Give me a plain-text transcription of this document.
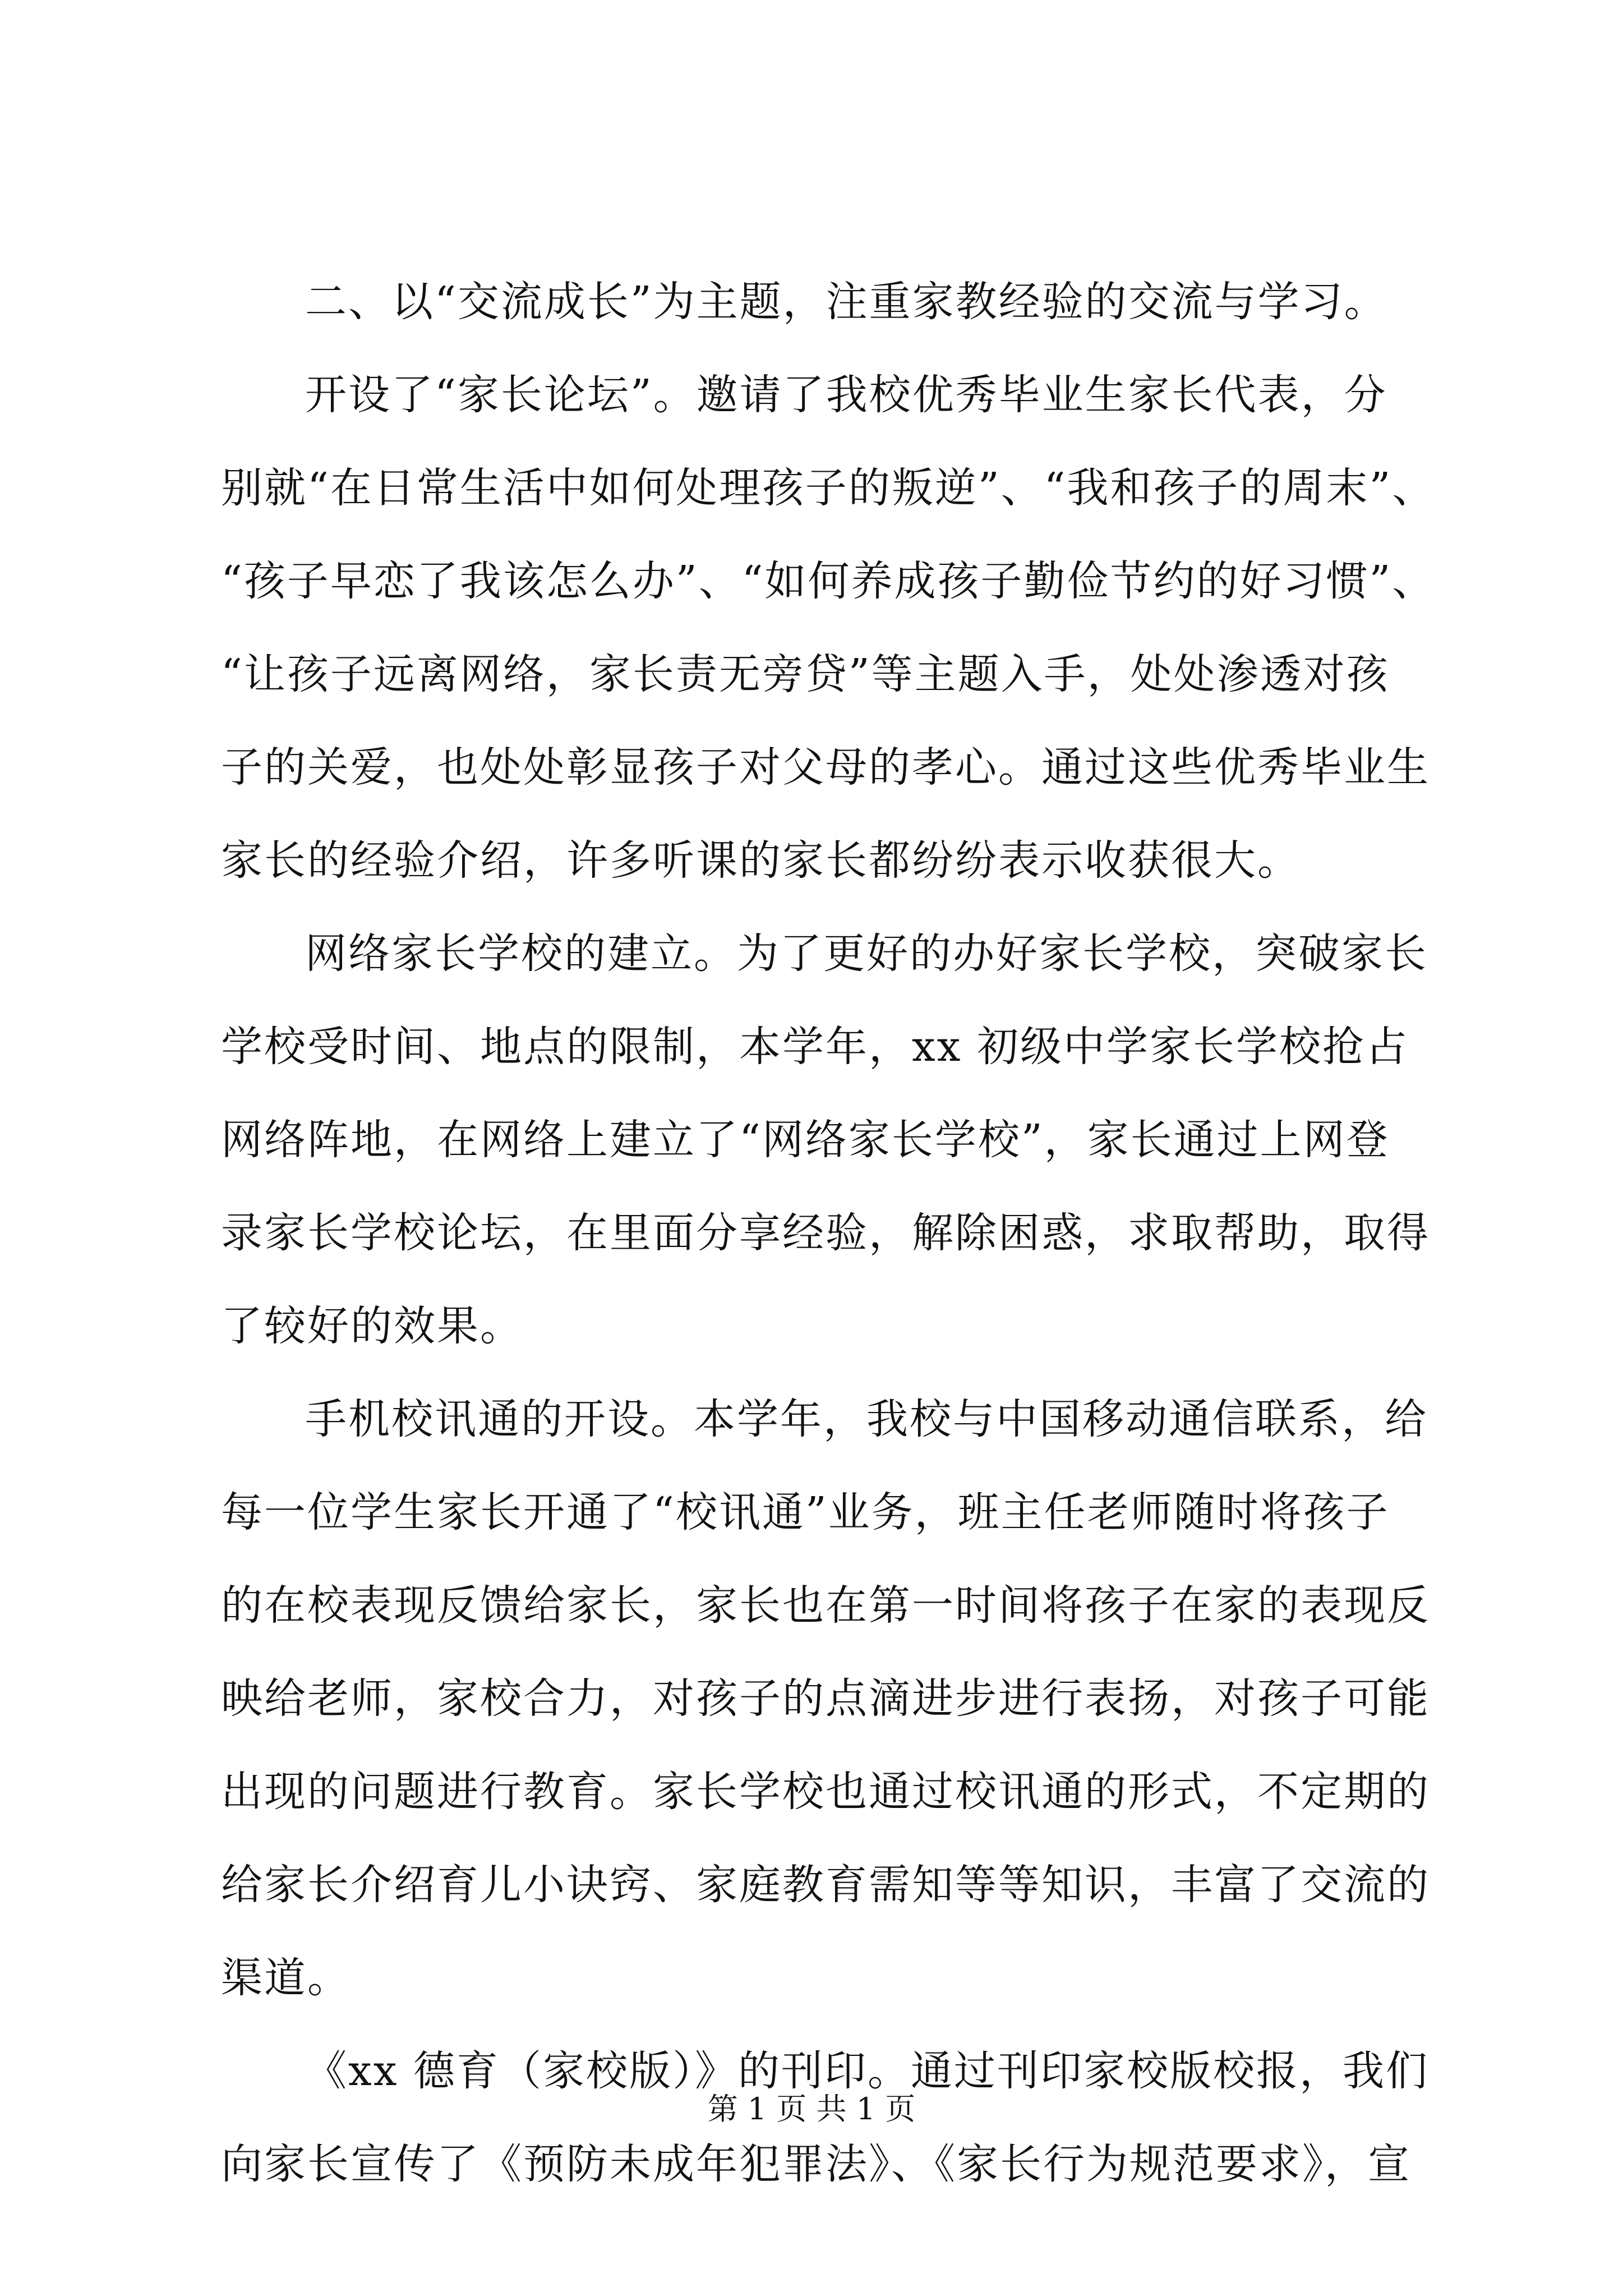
二、以“交流成长”为主题，注重家教经验的交流与学习。
开设了“家长论坛”。邀请了我校优秀毕业生家长代表，分
别就“在日常生活中如何处理孩子的叛逆”、“我和孩子的周末”、
“孩子早恋了我该怎么办”、“如何养成孩子勤俭节约的好习惯”、
“让孩子远离网络，家长责无旁贷”等主题入手，处处渗透对孩
子的关爱，也处处彰显孩子对父母的孝心。通过这些优秀毕业生
家长的经验介绍，许多听课的家长都纷纷表示收获很大。
网络家长学校的建立。为了更好的办好家长学校，突破家长
学校受时间、地点的限制，本学年，xx 初级中学家长学校抢占
网络阵地，在网络上建立了“网络家长学校”，家长通过上网登
录家长学校论坛，在里面分享经验，解除困惑，求取帮助，取得
了较好的效果。
手机校讯通的开设。本学年，我校与中国移动通信联系，给
每一位学生家长开通了“校讯通”业务，班主任老师随时将孩子
的在校表现反馈给家长，家长也在第一时间将孩子在家的表现反
映给老师，家校合力，对孩子的点滴进步进行表扬，对孩子可能
出现的问题进行教育。家长学校也通过校讯通的形式，不定期的
给家长介绍育儿小诀窍、家庭教育需知等等知识，丰富了交流的
渠道。
《xx 德育（家校版）》的刊印。通过刊印家校版校报，我们
向家长宣传了《预防未成年犯罪法》、《家长行为规范要求》，宣
第 1 页 共 1 页
